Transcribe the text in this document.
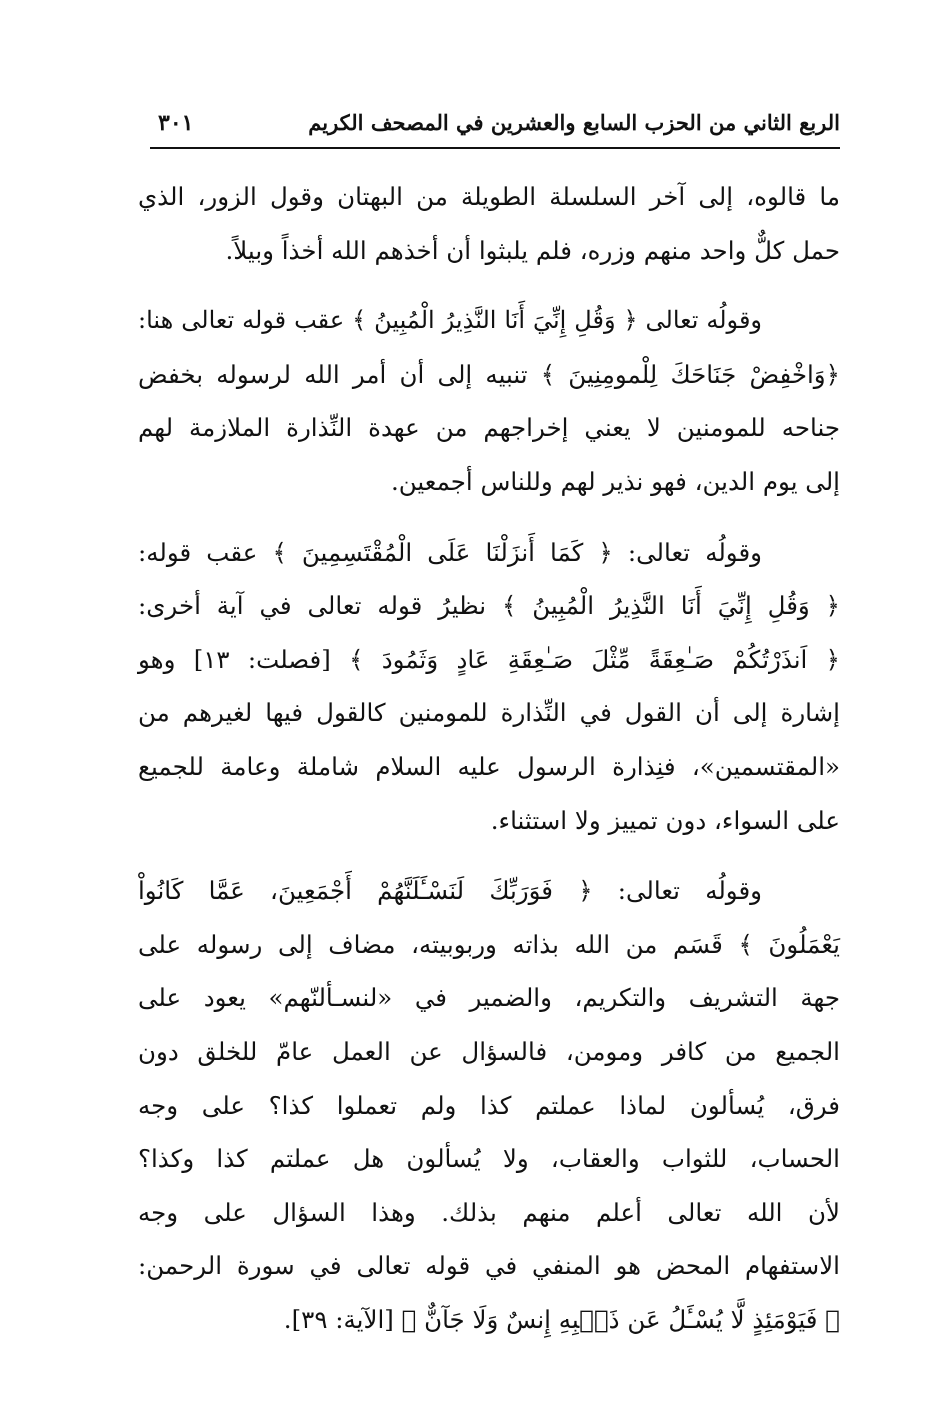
الربع الثاني من الحزب السابع والعشرين في المصحف الكريم
٣٠١
ما قالوه، إلى آخر السلسلة الطويلة من البهتان وقول الزور، الذي
حمل كلٌّ واحد منهم وزره، فلم يلبثوا أن أخذهم الله أخذاً وبيلاً.
وقولُه تعالى ﴿ وَقُلِ إِنِّيَ أَنَا النَّذِيرُ الْمُبِينُ ﴾ عقب قوله تعالى هنا:
﴿وَاخْفِضْ جَنَاحَكَ لِلْمومِنِينَ ﴾ تنبيه إلى أن أمر الله لرسوله بخفض
جناحه للمومنين لا يعني إخراجهم من عهدة النِّذارة الملازمة لهم
إلى يوم الدين، فهو نذير لهم وللناس أجمعين.
وقولُه تعالى: ﴿ كَمَا أَنزَلْنَا عَلَى الْمُقْتَسِمِينَ ﴾ عقب قوله:
﴿ وَقُلِ إِنِّيَ أَنَا النَّذِيرُ الْمُبِينُ ﴾ نظيرُ قوله تعالى في آية أخرى:
﴿ اَنذَرْتُكُمْ صَـٰعِقَةً مِّثْلَ صَـٰعِقَةِ عَادٍ وَثَمُودَ ﴾ [فصلت: ١٣] وهو
إشارة إلى أن القول في النِّذارة للمومنين كالقول فيها لغيرهم من
«المقتسمين»، فنِذارة الرسول عليه السلام شاملة وعامة للجميع
على السواء، دون تمييز ولا استثناء.
وقولُه تعالى: ﴿ فَوَرَبِّكَ لَنَسْـَٔلَنَّهُمْ أَجْمَعِينَ، عَمَّا كَانُواْ
يَعْمَلُونَ ﴾ قَسَم من الله بذاته وربوبيته، مضاف إلى رسوله على
جهة التشريف والتكريم، والضمير في «لنسـألنّهم» يعود على
الجميع من كافر ومومن، فالسؤال عن العمل عامّ للخلق دون
فرق، يُسألون لماذا عملتم كذا ولم تعملوا كذا؟ على وجه
الحساب، للثواب والعقاب، ولا يُسألون هل عملتم كذا وكذا؟
لأن الله تعالى أعلم منهم بذلك. وهذا السؤال على وجه
الاستفهام المحض هو المنفي في قوله تعالى في سورة الرحمن:
﴿ فَيَوْمَئِذٍ لَّا يُسْـَٔلُ عَن ذَنۢبِهِ إِنسٌ وَلَا جَآنٌّ ﴾ [الآية: ٣٩].
